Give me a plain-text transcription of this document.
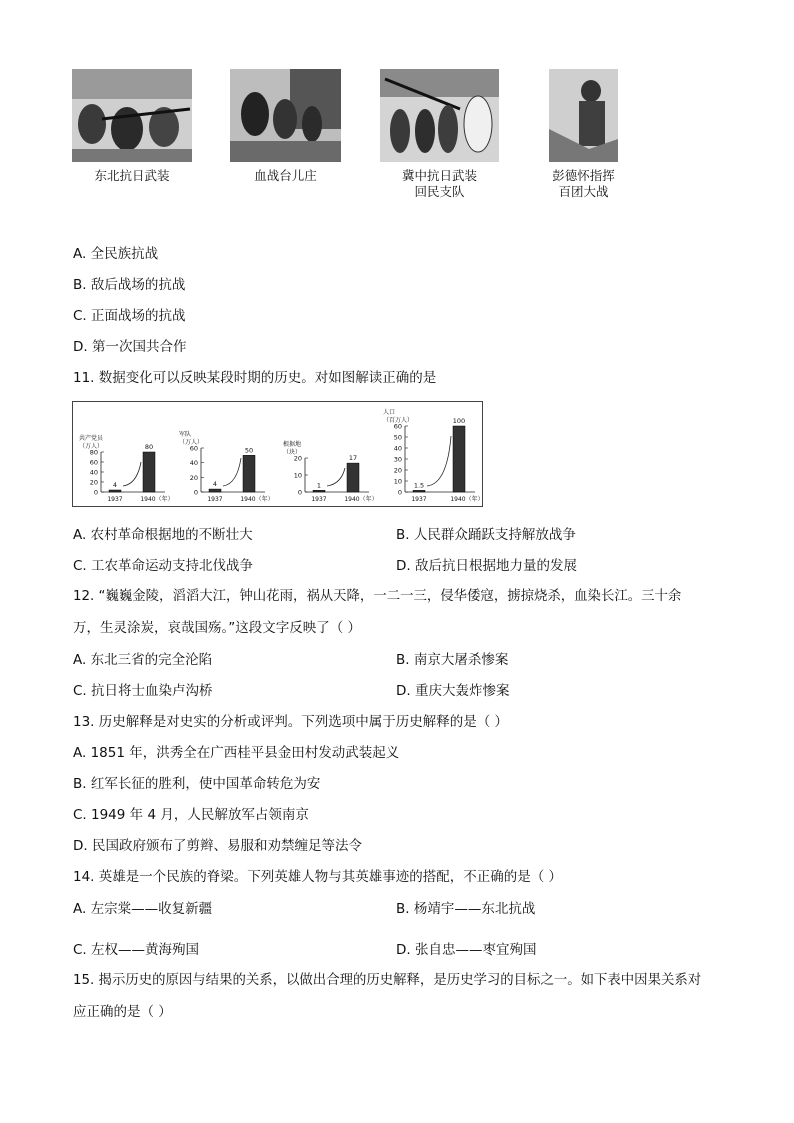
东北抗日武装	血战台儿庄	冀中抗日武装
回民支队
彭德怀指挥
百团大战
A. 全民族抗战
B. 敌后战场的抗战
C. 正面战场的抗战
D. 第一次国共合作
11. 数据变化可以反映某段时期的历史。对如图解读正确的是
共产党员
（万人）
0
20
40
60
80
4
1937
80
1940（年）
军队
（万人）
0
20
40
60
4
1937
50
1940（年）
根据地
（块）
0
10
20
1
1937
17
1940（年）
人口
（百万人）
0
10
20
30
40
50
60
1.5
1937
100
1940（年）
A. 农村革命根据地的不断壮大	B. 人民群众踊跃支持解放战争
C. 工农革命运动支持北伐战争	D. 敌后抗日根据地力量的发展
12. “巍巍金陵，滔滔大江，钟山花雨，祸从天降，一二一三，侵华倭寇，掳掠烧杀，血染长江。三十余
万，生灵涂炭，哀哉国殇。”这段文字反映了（ ）
A. 东北三省的完全沦陷	B. 南京大屠杀惨案
C. 抗日将士血染卢沟桥	D. 重庆大轰炸惨案
13. 历史解释是对史实的分析或评判。下列选项中属于历史解释的是（ ）
A. 1851 年，洪秀全在广西桂平县金田村发动武装起义
B. 红军长征的胜利，使中国革命转危为安
C. 1949 年 4 月，人民解放军占领南京
D. 民国政府颁布了剪辫、易服和劝禁缠足等法令
14. 英雄是一个民族的脊梁。下列英雄人物与其英雄事迹的搭配，不正确的是（ ）
A. 左宗棠——收复新疆	B. 杨靖宇——东北抗战
C. 左权——黄海殉国	D. 张自忠——枣宜殉国
15. 揭示历史的原因与结果的关系，以做出合理的历史解释，是历史学习的目标之一。如下表中因果关系对
应正确的是（ ）
